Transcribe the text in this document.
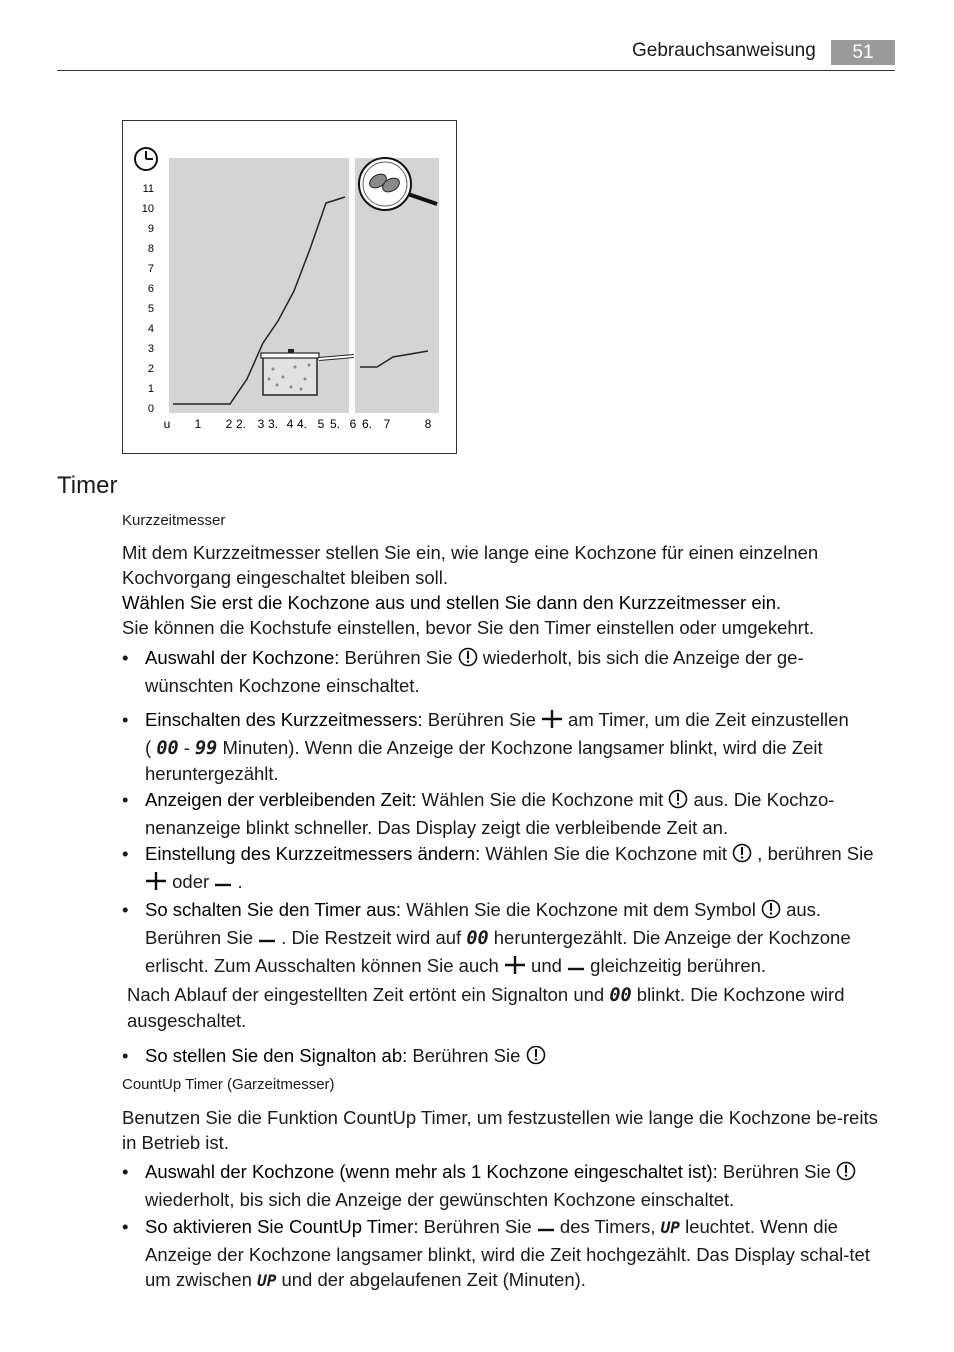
Gebrauchsanweisung	51
11
10
9
8
7
6
5
4
3
2
1
0
u 1 2 2. 3 3. 4 4. 5 5. 6 6. 7	8
Timer
Kurzzeitmesser

Mit dem Kurzzeitmesser stellen Sie ein, wie lange eine Kochzone für einen einzelnen Kochvorgang eingeschaltet bleiben soll.

Wählen Sie erst die Kochzone aus und stellen Sie dann den Kurzzeitmesser ein.

Sie können die Kochstufe einstellen, bevor Sie den Timer einstellen oder umgekehrt.

• Auswahl der Kochzone: Berühren Sie  wiederholt, bis sich die Anzeige der ge-wünschten Kochzone einschaltet.
• Einschalten des Kurzzeitmessers: Berühren Sie  am Timer, um die Zeit einzustellen
( 00 - 99 Minuten). Wenn die Anzeige der Kochzone langsamer blinkt, wird die Zeit heruntergezählt.
• Anzeigen der verbleibenden Zeit: Wählen Sie die Kochzone mit  aus. Die Kochzo-nenanzeige blinkt schneller. Das Display zeigt die verbleibende Zeit an.
• Einstellung des Kurzzeitmessers ändern: Wählen Sie die Kochzone mit  , berühren Sie  oder  .
• So schalten Sie den Timer aus: Wählen Sie die Kochzone mit dem Symbol  aus. Berühren Sie  . Die Restzeit wird auf 00 heruntergezählt. Die Anzeige der Kochzone erlischt. Zum Ausschalten können Sie auch  und  gleichzeitig berühren.
Nach Ablauf der eingestellten Zeit ertönt ein Signalton und 00 blinkt. Die Kochzone wird ausgeschaltet.
• So stellen Sie den Signalton ab: Berühren Sie
CountUp Timer (Garzeitmesser)

Benutzen Sie die Funktion CountUp Timer, um festzustellen wie lange die Kochzone be-reits in Betrieb ist.

• Auswahl der Kochzone (wenn mehr als 1 Kochzone eingeschaltet ist): Berühren Sie  wiederholt, bis sich die Anzeige der gewünschten Kochzone einschaltet.
• So aktivieren Sie CountUp Timer: Berühren Sie  des Timers, UP leuchtet. Wenn die Anzeige der Kochzone langsamer blinkt, wird die Zeit hochgezählt. Das Display schal-tet um zwischen UP und der abgelaufenen Zeit (Minuten).
